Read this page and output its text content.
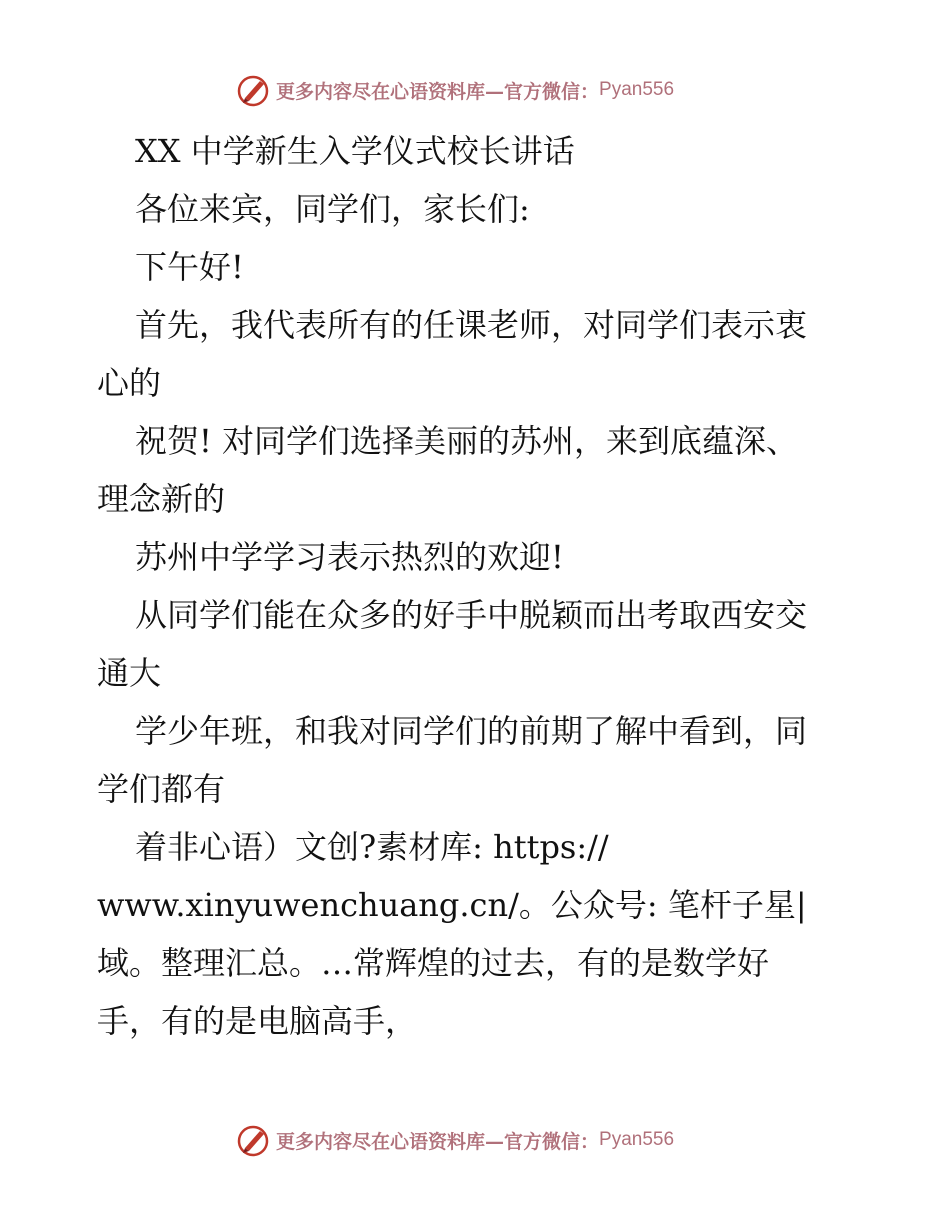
更多内容尽在心语资料库—官方微信： Pyan556
XX 中学新生入学仪式校长讲话
各位来宾，同学们，家长们:
下午好!
首先，我代表所有的任课老师，对同学们表示衷
心的
祝贺! 对同学们选择美丽的苏州，来到底蕴深、
理念新的
苏州中学学习表示热烈的欢迎!
从同学们能在众多的好手中脱颖而出考取西安交
通大
学少年班，和我对同学们的前期了解中看到，同
学们都有
着非心语）文创?素材库: https://
www.xinyuwenchuang.cn/。公众号: 笔杆子星|
域。整理汇总。…常辉煌的过去，有的是数学好
手，有的是电脑高手，
更多内容尽在心语资料库—官方微信： Pyan556
